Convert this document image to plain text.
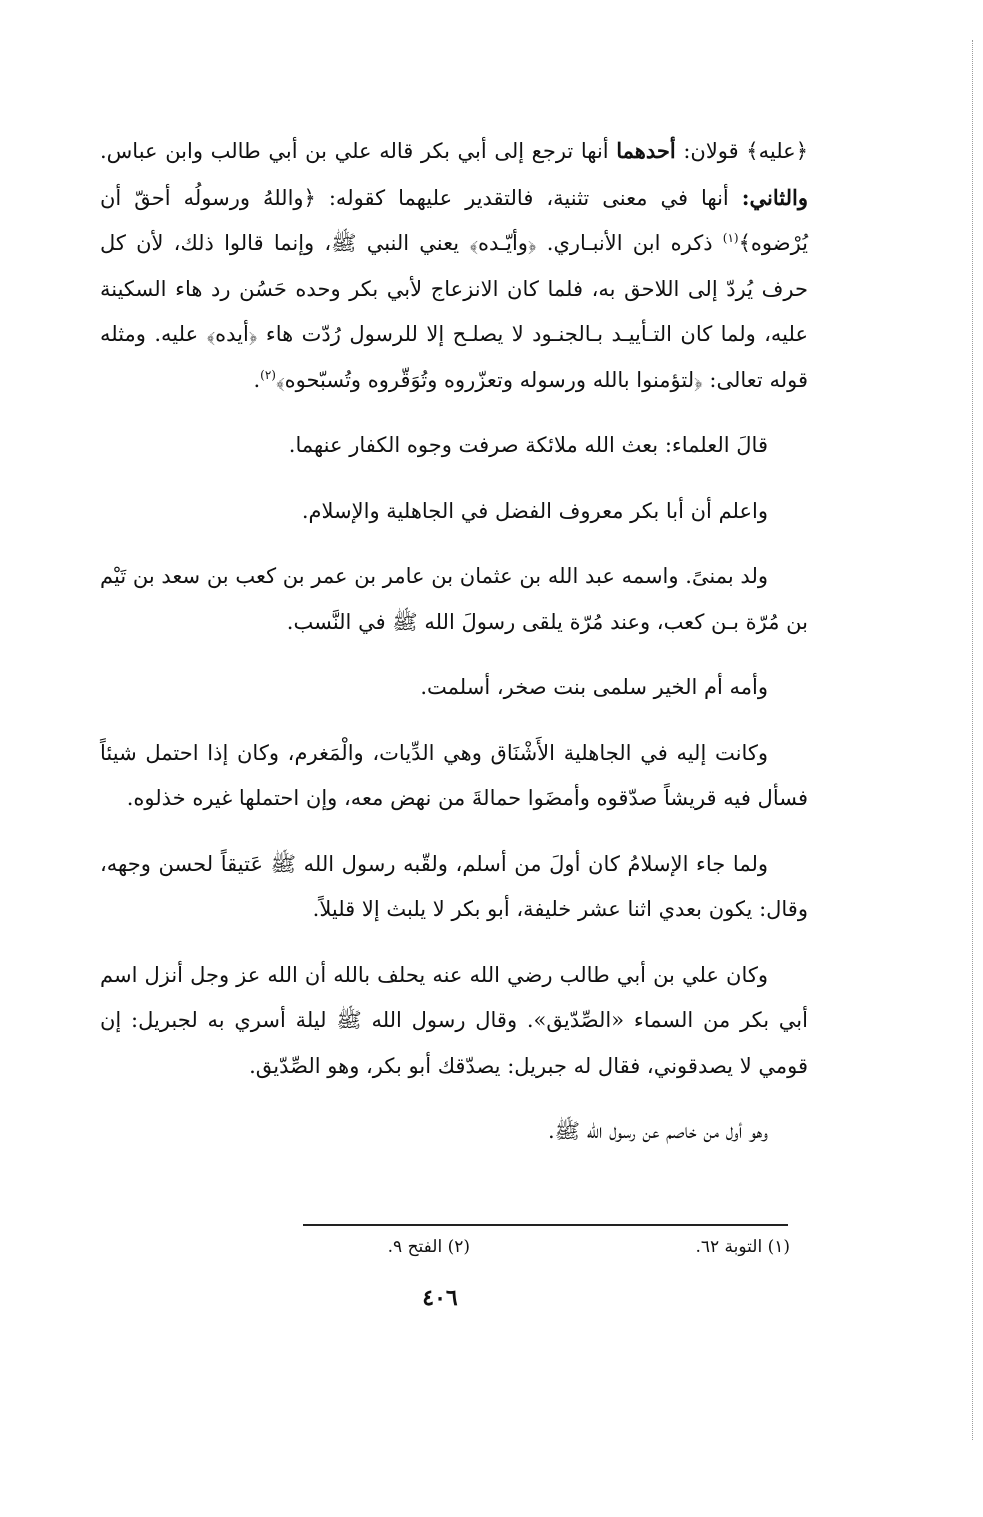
﴿عليه﴾ قولان: أحدهما أنها ترجع إلى أبي بكر قاله علي بن أبي طالب وابن عباس. والثاني: أنها في معنى تثنية، فالتقدير عليهما كقوله: ﴿واللهُ ورسولُه أحقّ أن يُرْضوه﴾$^{(١)}$ ذكره ابن الأنبـاري. ﴿وأيّـده﴾ يعني النبي ﷺ، وإنما قالوا ذلك، لأن كل حرف يُردّ إلى اللاحق به، فلما كان الانزعاج لأبي بكر وحده حَسُن رد هاء السكينة عليه، ولما كان التـأييـد بـالجنـود لا يصلـح إلا للرسول رُدّت هاء ﴿أيده﴾ عليه. ومثله قوله تعالى: ﴿لتؤمنوا بالله ورسوله وتعزّروه وتُوَقّروه وتُسبّحوه﴾$^{(٢)}$.

قالَ العلماء: بعث الله ملائكة صرفت وجوه الكفار عنهما.

واعلم أن أبا بكر معروف الفضل في الجاهلية والإسلام.

ولد بمنىً. واسمه عبد الله بن عثمان بن عامر بن عمر بن كعب بن سعد بن تَيْم بن مُرّة بـن كعب، وعند مُرّة يلقى رسولَ الله ﷺ في النَّسب.

وأمه أم الخير سلمى بنت صخر، أسلمت.

وكانت إليه في الجاهلية الأَشْنَاق وهي الدِّيات، والْمَغرم، وكان إذا احتمل شيئاً فسأل فيه قريشاً صدّقوه وأمضَوا حمالةَ من نهض معه، وإن احتملها غيره خذلوه.

ولما جاء الإسلامُ كان أولَ من أسلم، ولقّبه رسول الله ﷺ عَتيقاً لحسن وجهه، وقال: يكون بعدي اثنا عشر خليفة، أبو بكر لا يلبث إلا قليلاً.

وكان علي بن أبي طالب رضي الله عنه يحلف بالله أن الله عز وجل أنزل اسم أبي بكر من السماء «الصِّدّيق». وقال رسول الله ﷺ ليلة أسري به لجبريل: إن قومي لا يصدقوني، فقال له جبريل: يصدّقك أبو بكر، وهو الصِّدّيق.

وهو أول من خاصم عن رسول الله ﷺ.

(١) التوبة ٦٢.
(٢) الفتح ٩.
٤٠٦
